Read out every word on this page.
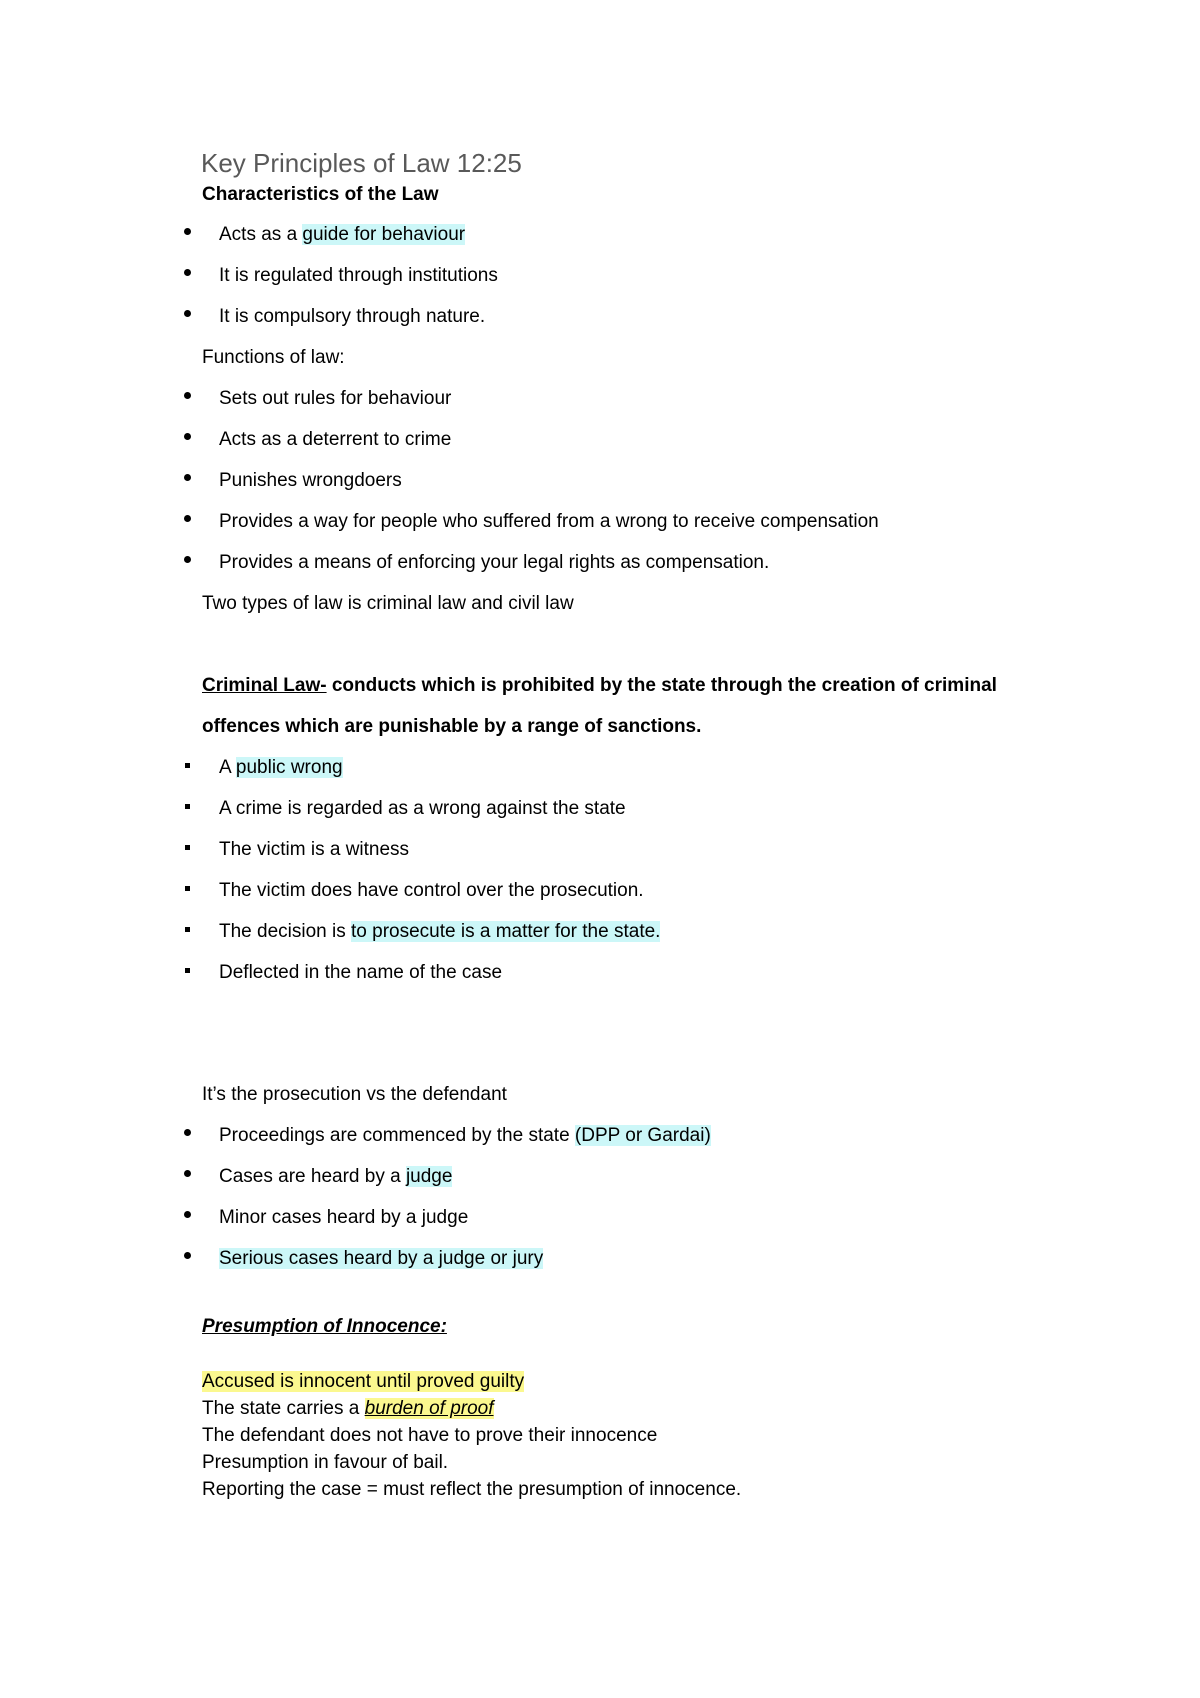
Key Principles of Law 12:25
Characteristics of the Law
Acts as a guide for behaviour
It is regulated through institutions
It is compulsory through nature.
Functions of law:
Sets out rules for behaviour
Acts as a deterrent to crime
Punishes wrongdoers
Provides a way for people who suffered from a wrong to receive compensation
Provides a means of enforcing your legal rights as compensation.
Two types of law is criminal law and civil law
Criminal Law- conducts which is prohibited by the state through the creation of criminal
offences which are punishable by a range of sanctions.
A public wrong
A crime is regarded as a wrong against the state
The victim is a witness
The victim does have control over the prosecution.
The decision is to prosecute is a matter for the state.
Deflected in the name of the case
It’s the prosecution vs the defendant
Proceedings are commenced by the state (DPP or Gardai)
Cases are heard by a judge
Minor cases heard by a judge
Serious cases heard by a judge or jury
Presumption of Innocence:
Accused is innocent until proved guilty
The state carries a burden of proof
The defendant does not have to prove their innocence
Presumption in favour of bail.
Reporting the case = must reflect the presumption of innocence.
